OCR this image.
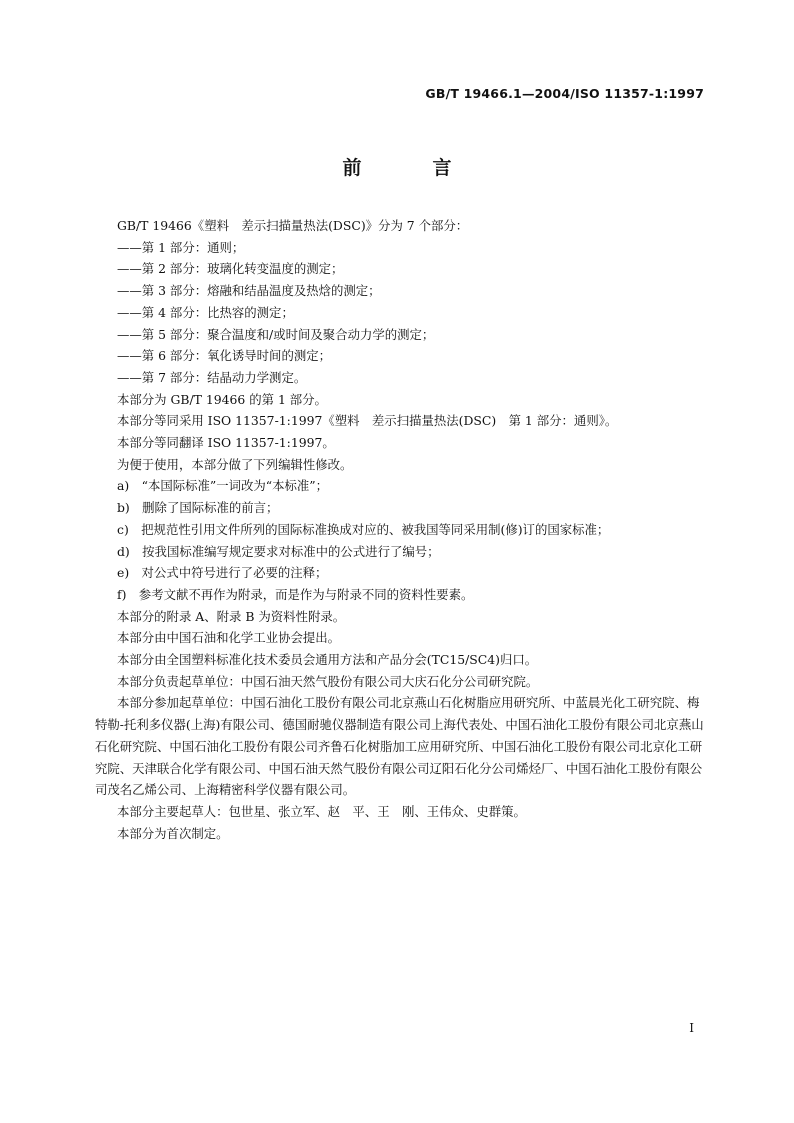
GB/T 19466.1—2004/ISO 11357-1:1997
前　言

GB/T 19466《塑料　差示扫描量热法(DSC)》分为 7 个部分：

——第 1 部分：通则；

——第 2 部分：玻璃化转变温度的测定；

——第 3 部分：熔融和结晶温度及热焓的测定；

——第 4 部分：比热容的测定；

——第 5 部分：聚合温度和/或时间及聚合动力学的测定；

——第 6 部分：氧化诱导时间的测定；

——第 7 部分：结晶动力学测定。

本部分为 GB/T 19466 的第 1 部分。

本部分等同采用 ISO 11357-1:1997《塑料　差示扫描量热法(DSC)　第 1 部分：通则》。

本部分等同翻译 ISO 11357-1:1997。

为便于使用，本部分做了下列编辑性修改。

a)　“本国际标准”一词改为“本标准”；

b)　删除了国际标准的前言；

c)　把规范性引用文件所列的国际标准换成对应的、被我国等同采用制(修)订的国家标准；

d)　按我国标准编写规定要求对标准中的公式进行了编号；

e)　对公式中符号进行了必要的注释；

f)　参考文献不再作为附录，而是作为与附录不同的资料性要素。

本部分的附录 A、附录 B 为资料性附录。

本部分由中国石油和化学工业协会提出。

本部分由全国塑料标准化技术委员会通用方法和产品分会(TC15/SC4)归口。

本部分负责起草单位：中国石油天然气股份有限公司大庆石化分公司研究院。

本部分参加起草单位：中国石油化工股份有限公司北京燕山石化树脂应用研究所、中蓝晨光化工研究院、梅特勒-托利多仪器(上海)有限公司、德国耐驰仪器制造有限公司上海代表处、中国石油化工股份有限公司北京燕山石化研究院、中国石油化工股份有限公司齐鲁石化树脂加工应用研究所、中国石油化工股份有限公司北京化工研究院、天津联合化学有限公司、中国石油天然气股份有限公司辽阳石化分公司烯烃厂、中国石油化工股份有限公司茂名乙烯公司、上海精密科学仪器有限公司。

本部分主要起草人：包世星、张立军、赵　平、王　刚、王伟众、史群策。

本部分为首次制定。

I
